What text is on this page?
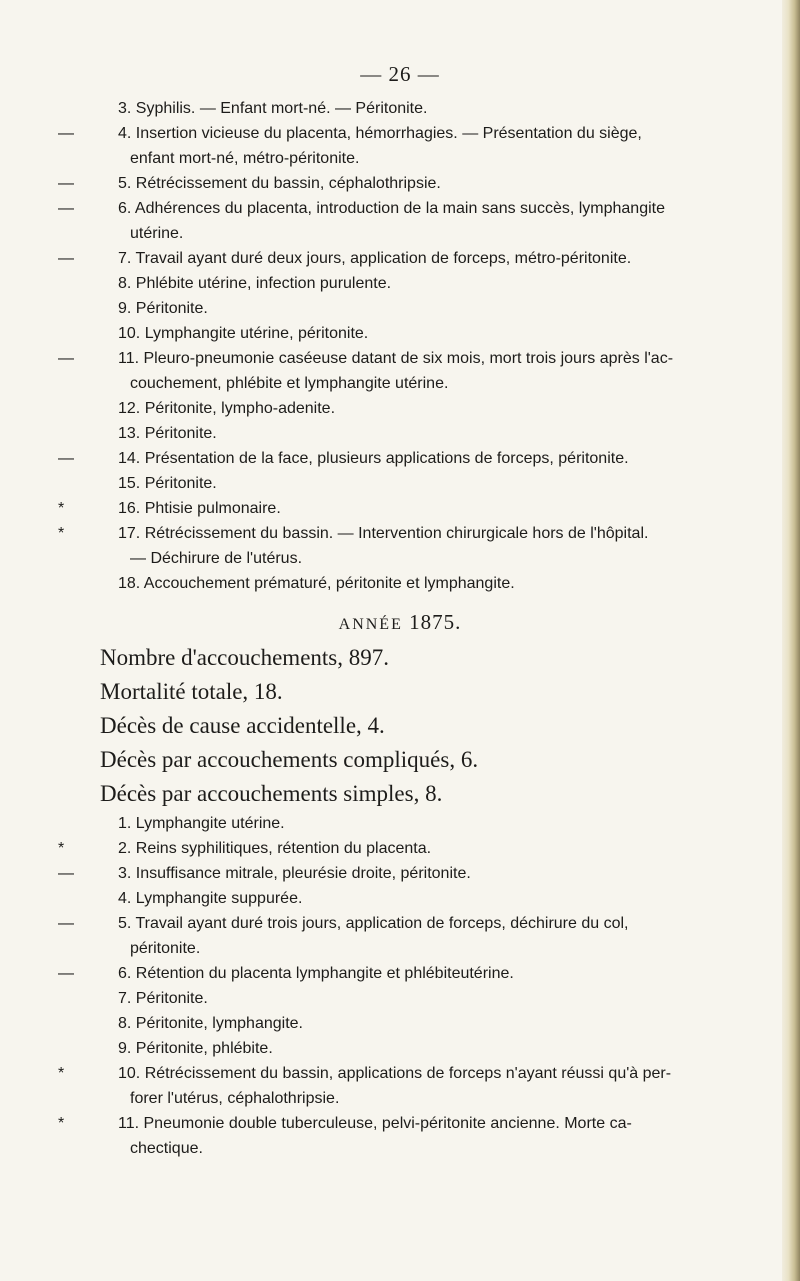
— 26 —
3. Syphilis. — Enfant mort-né. — Péritonite.
—	4. Insertion vicieuse du placenta, hémorrhagies. — Présentation du siège,
enfant mort-né, métro-péritonite.
—	5. Rétrécissement du bassin, céphalothripsie.
—	6. Adhérences du placenta, introduction de la main sans succès, lymphangite
utérine.
—	7. Travail ayant duré deux jours, application de forceps, métro-péritonite.
8. Phlébite utérine, infection purulente.
9. Péritonite.
10. Lymphangite utérine, péritonite.
—	11. Pleuro-pneumonie caséeuse datant de six mois, mort trois jours après l'ac-
couchement, phlébite et lymphangite utérine.
12. Péritonite, lympho-adenite.
13. Péritonite.
—	14. Présentation de la face, plusieurs applications de forceps, péritonite.
15. Péritonite.
*	16. Phtisie pulmonaire.
*	17. Rétrécissement du bassin. — Intervention chirurgicale hors de l'hôpital.
— Déchirure de l'utérus.
18. Accouchement prématuré, péritonite et lymphangite.
ANNÉE 1875.
Nombre d'accouchements, 897.
Mortalité totale, 18.
Décès de cause accidentelle, 4.
Décès par accouchements compliqués, 6.
Décès par accouchements simples, 8.
1. Lymphangite utérine.
*	2. Reins syphilitiques, rétention du placenta.
—	3. Insuffisance mitrale, pleurésie droite, péritonite.
4. Lymphangite suppurée.
—	5. Travail ayant duré trois jours, application de forceps, déchirure du col,
péritonite.
—	6. Rétention du placenta lymphangite et phlébiteutérine.
7. Péritonite.
8. Péritonite, lymphangite.
9. Péritonite, phlébite.
*	10. Rétrécissement du bassin, applications de forceps n'ayant réussi qu'à per-
forer l'utérus, céphalothripsie.
*	11. Pneumonie double tuberculeuse, pelvi-péritonite ancienne. Morte ca-
chectique.
